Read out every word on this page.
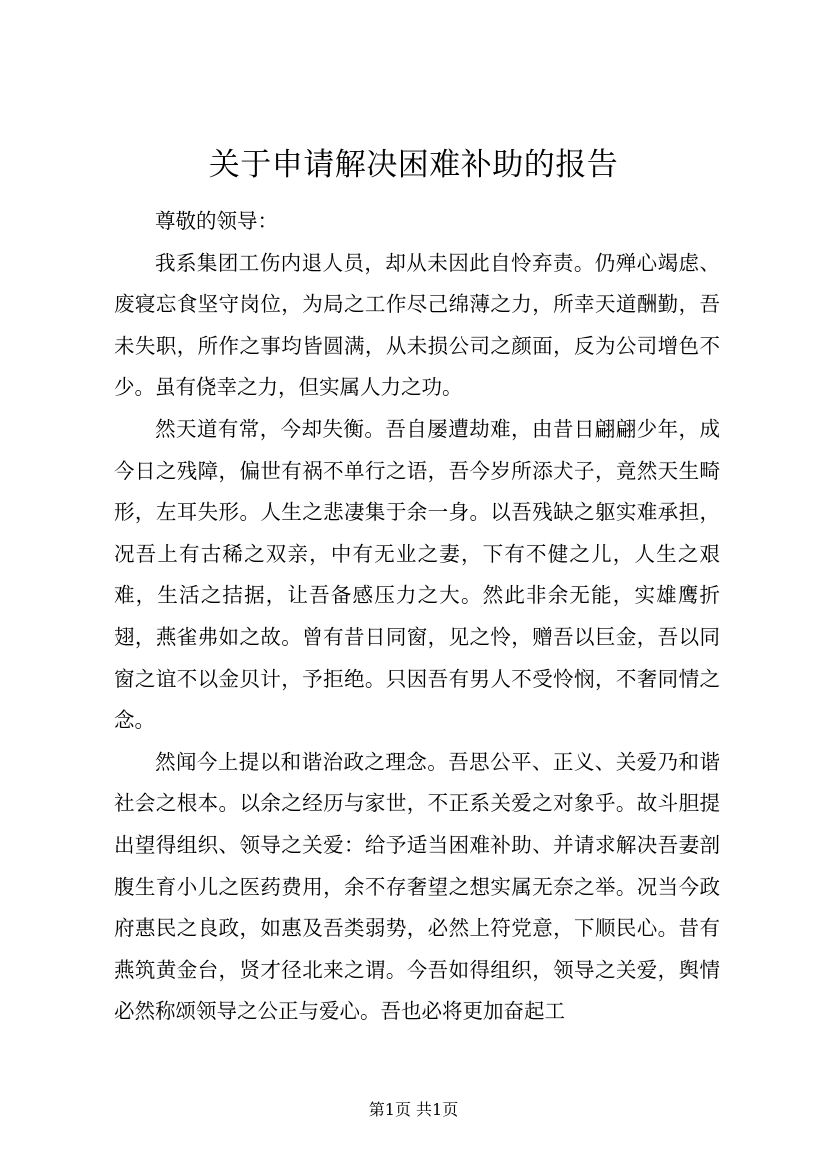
关于申请解决困难补助的报告

尊敬的领导：

我系集团工伤内退人员，却从未因此自怜弃责。仍殚心竭虑、废寝忘食坚守岗位，为局之工作尽己绵薄之力，所幸天道酬勤，吾未失职，所作之事均皆圆满，从未损公司之颜面，反为公司增色不少。虽有侥幸之力，但实属人力之功。

然天道有常，今却失衡。吾自屡遭劫难，由昔日翩翩少年，成今日之残障，偏世有祸不单行之语，吾今岁所添犬子，竟然天生畸形，左耳失形。人生之悲凄集于余一身。以吾残缺之躯实难承担，况吾上有古稀之双亲，中有无业之妻，下有不健之儿，人生之艰难，生活之拮据，让吾备感压力之大。然此非余无能，实雄鹰折翅，燕雀弗如之故。曾有昔日同窗，见之怜，赠吾以巨金，吾以同窗之谊不以金贝计，予拒绝。只因吾有男人不受怜悯，不奢同情之念。

然闻今上提以和谐治政之理念。吾思公平、正义、关爱乃和谐社会之根本。以余之经历与家世，不正系关爱之对象乎。故斗胆提出望得组织、领导之关爱：给予适当困难补助、并请求解决吾妻剖腹生育小儿之医药费用，余不存奢望之想实属无奈之举。况当今政府惠民之良政，如惠及吾类弱势，必然上符党意，下顺民心。昔有燕筑黄金台，贤才径北来之谓。今吾如得组织，领导之关爱，舆情必然称颂领导之公正与爱心。吾也必将更加奋起工

第1页 共1页
